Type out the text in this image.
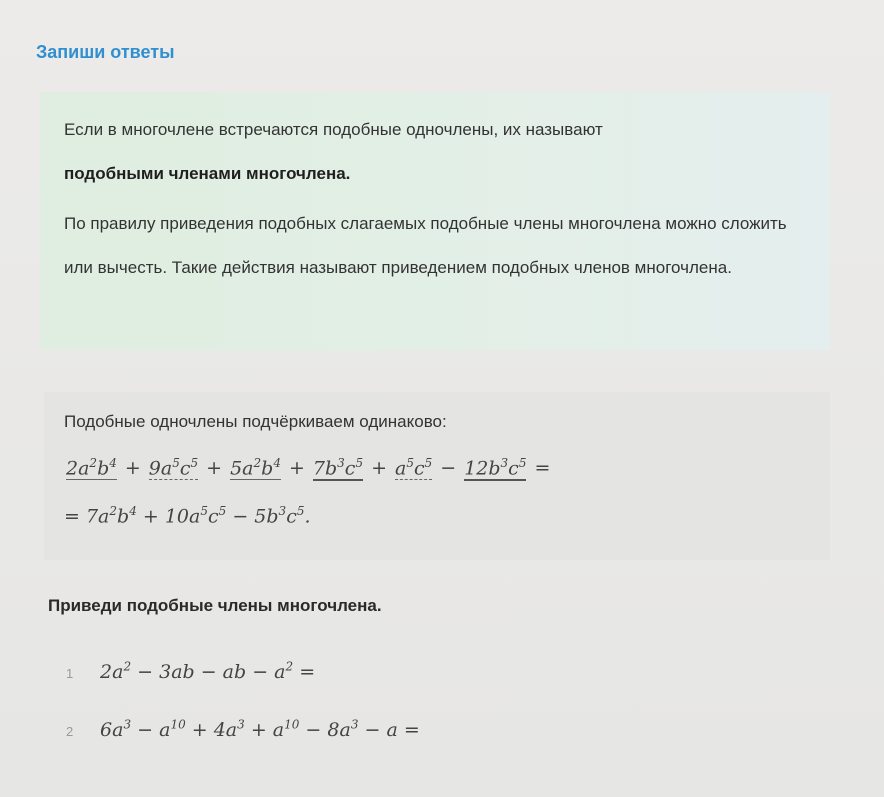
Запиши ответы
Если в многочлене встречаются подобные одночлены, их называют
подобными членами многочлена.
По правилу приведения подобных слагаемых подобные члены многочлена можно сложить или вычесть. Такие действия называют приведением подобных членов многочлена.
Подобные одночлены подчёркиваем одинаково:
$2a^2b^4 + 9a^5c^5 + 5a^2b^4 + 7b^3c^5 + a^5c^5 - 12b^3c^5$ =
= $7a^2b^4 + 10a^5c^5 - 5b^3c^5$.
Приведи подобные члены многочлена.
1 $2a^2 - 3ab$ − ab − $a^2$ =
2 $6a^3 - a^{10} + 4a^3 + a^{10} - 8a^3 - a$ =
